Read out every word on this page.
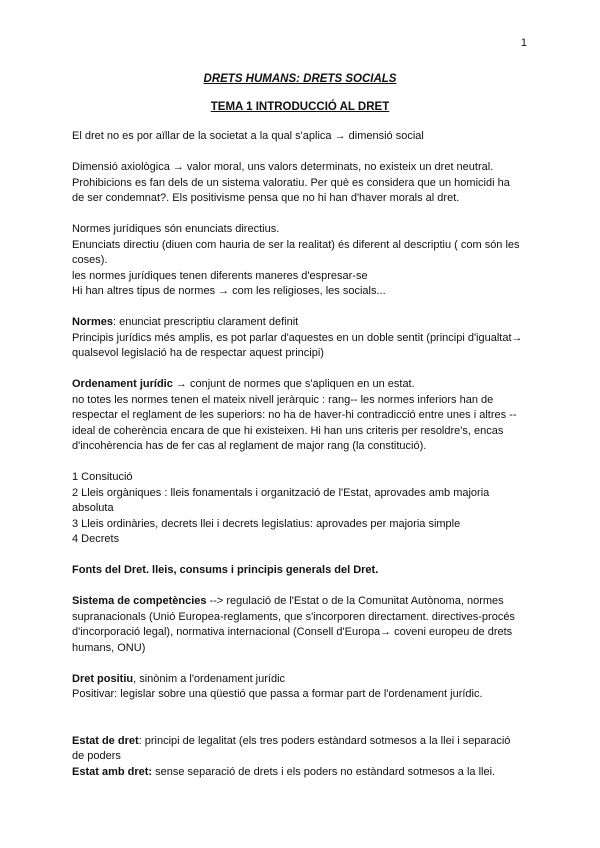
1
DRETS HUMANS: DRETS SOCIALS
TEMA 1 INTRODUCCIÓ AL DRET

El dret no es por aïllar de la societat a la qual s'aplica → dimensió social

Dimensió axiològica → valor moral, uns valors determinats, no existeix un dret neutral.

Prohibicions es fan dels de un sistema valoratiu. Per què es considera que un homicidi ha

de ser condemnat?. Els positivisme pensa que no hi han d'haver morals al dret.

Normes jurídiques són enunciats directius.

Enunciats directiu (diuen com hauria de ser la realitat) és diferent al descriptiu ( com són les

coses).

les normes jurídiques tenen diferents maneres d'espresar-se

Hi han altres tipus de normes → com les religioses, les socials...

Normes: enunciat prescriptiu clarament definit

Principis jurídics més amplis, es pot parlar d'aquestes en un doble sentit (principi d'igualtat→

qualsevol legislació ha de respectar aquest principi)

Ordenament jurídic → conjunt de normes que s'apliquen en un estat.

no totes les normes tenen el mateix nivell jeràrquic : rang-- les normes inferiors han de

respectar el reglament de les superiors: no ha de haver-hi contradicció entre unes i altres --

ideal de coherència encara de que hi existeixen. Hi han uns criteris per resoldre's, encas

d'incohèrencia has de fer cas al reglament de major rang (la constitució).

1 Consitució

2 Lleis orgàniques : lleis fonamentals i organització de l'Estat, aprovades amb majoria

absoluta

3 Lleis ordinàries, decrets llei i decrets legislatius: aprovades per majoria simple

4 Decrets

Fonts del Dret. lleis, consums i principis generals del Dret.

Sistema de competències --> regulació de l'Estat o de la Comunitat Autònoma, normes

supranacionals (Unió Europea-reglaments, que s'incorporen directament. directives-procés

d'incorporació legal), normativa internacional (Consell d'Europa→ coveni europeu de drets

humans, ONU)

Dret positiu, sinònim a l'ordenament jurídic

Positivar: legislar sobre una qüestió que passa a formar part de l'ordenament jurídic.

Estat de dret: principi de legalitat (els tres poders estàndard sotmesos a la llei i separació

de poders

Estat amb dret: sense separació de drets i els poders no estàndard sotmesos a la llei.
